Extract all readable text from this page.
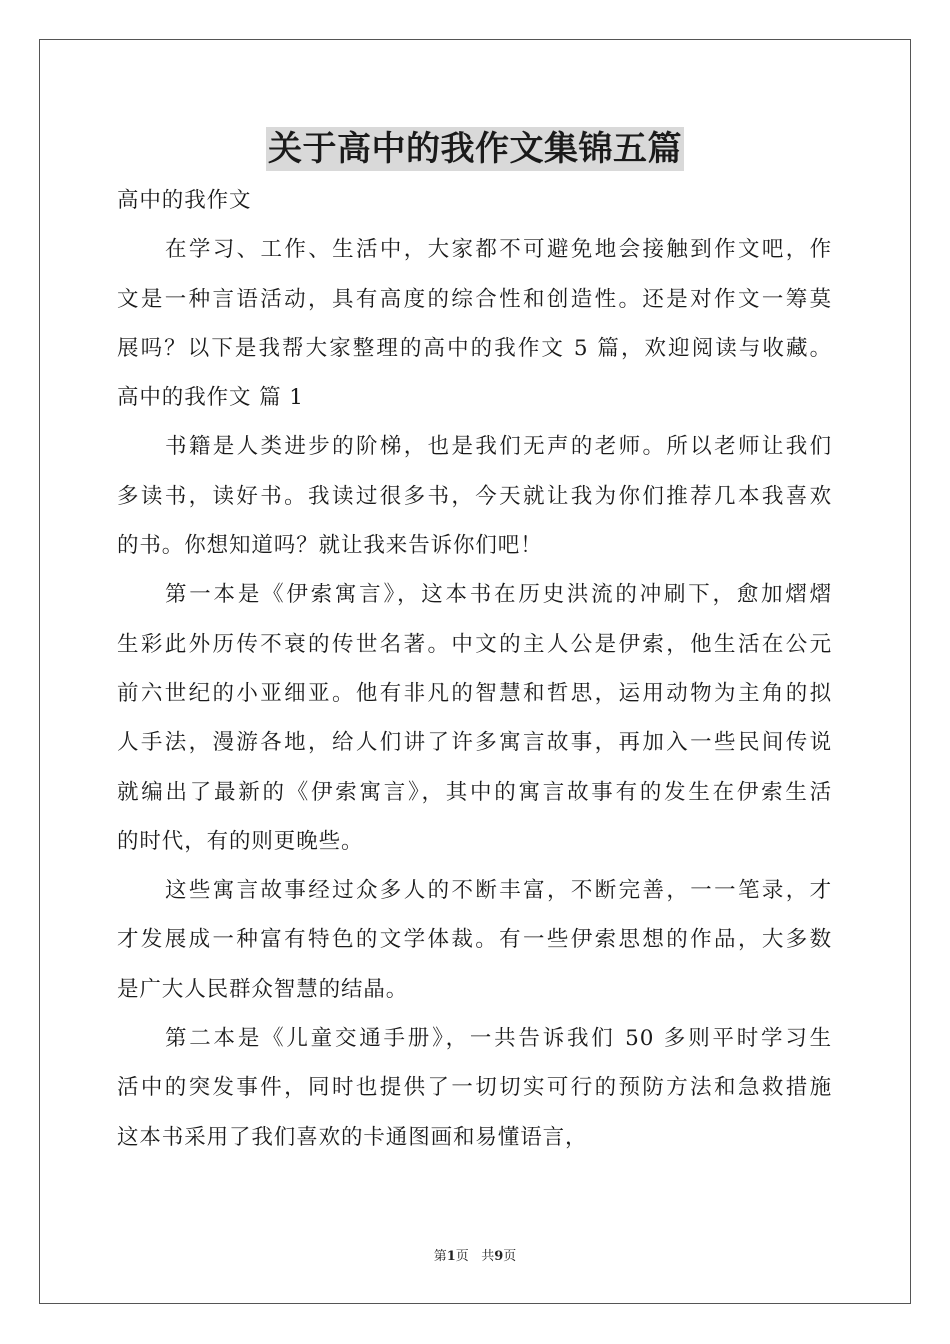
关于高中的我作文集锦五篇
高中的我作文
在学习、工作、生活中，大家都不可避免地会接触到作文吧，作
文是一种言语活动，具有高度的综合性和创造性。还是对作文一筹莫
展吗？以下是我帮大家整理的高中的我作文 5 篇，欢迎阅读与收藏。
高中的我作文 篇 1
书籍是人类进步的阶梯，也是我们无声的老师。所以老师让我们
多读书，读好书。我读过很多书，今天就让我为你们推荐几本我喜欢
的书。你想知道吗？就让我来告诉你们吧！
第一本是《伊索寓言》，这本书在历史洪流的冲刷下，愈加熠熠
生彩此外历传不衰的传世名著。中文的主人公是伊索，他生活在公元
前六世纪的小亚细亚。他有非凡的智慧和哲思，运用动物为主角的拟
人手法，漫游各地，给人们讲了许多寓言故事，再加入一些民间传说
就编出了最新的《伊索寓言》，其中的寓言故事有的发生在伊索生活
的时代，有的则更晚些。
这些寓言故事经过众多人的不断丰富，不断完善，一一笔录，才
才发展成一种富有特色的文学体裁。有一些伊索思想的作品，大多数
是广大人民群众智慧的结晶。
第二本是《儿童交通手册》，一共告诉我们 50 多则平时学习生
活中的突发事件，同时也提供了一切切实可行的预防方法和急救措施
这本书采用了我们喜欢的卡通图画和易懂语言，
第1页 共9页
